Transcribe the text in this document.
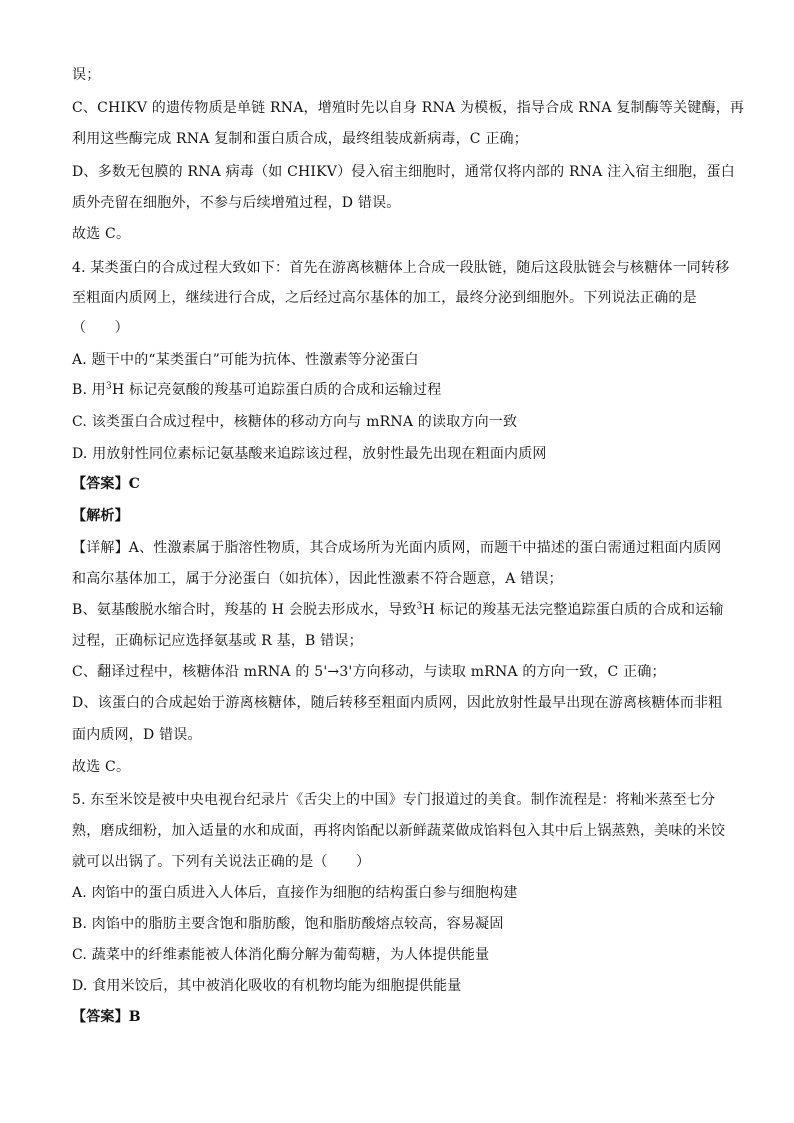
误；
C、CHIKV 的遗传物质是单链 RNA，增殖时先以自身 RNA 为模板，指导合成 RNA 复制酶等关键酶，再
利用这些酶完成 RNA 复制和蛋白质合成，最终组装成新病毒，C 正确；
D、多数无包膜的 RNA 病毒（如 CHIKV）侵入宿主细胞时，通常仅将内部的 RNA 注入宿主细胞，蛋白
质外壳留在细胞外，不参与后续增殖过程，D 错误。
故选 C。
4. 某类蛋白的合成过程大致如下：首先在游离核糖体上合成一段肽链，随后这段肽链会与核糖体一同转移
至粗面内质网上，继续进行合成，之后经过高尔基体的加工，最终分泌到细胞外。下列说法正确的是
（　　）
A. 题干中的“某类蛋白”可能为抗体、性激素等分泌蛋白
B. 用$^3$H 标记亮氨酸的羧基可追踪蛋白质的合成和运输过程
C. 该类蛋白合成过程中，核糖体的移动方向与 mRNA 的读取方向一致
D. 用放射性同位素标记氨基酸来追踪该过程，放射性最先出现在粗面内质网
【答案】C
【解析】
【详解】A、性激素属于脂溶性物质，其合成场所为光面内质网，而题干中描述的蛋白需通过粗面内质网
和高尔基体加工，属于分泌蛋白（如抗体），因此性激素不符合题意，A 错误；
B、氨基酸脱水缩合时，羧基的 H 会脱去形成水，导致$^3$H 标记的羧基无法完整追踪蛋白质的合成和运输
过程，正确标记应选择氨基或 R 基，B 错误；
C、翻译过程中，核糖体沿 mRNA 的 5'→3'方向移动，与读取 mRNA 的方向一致，C 正确；
D、该蛋白的合成起始于游离核糖体，随后转移至粗面内质网，因此放射性最早出现在游离核糖体而非粗
面内质网，D 错误。
故选 C。
5. 东至米饺是被中央电视台纪录片《舌尖上的中国》专门报道过的美食。制作流程是：将籼米蒸至七分
熟，磨成细粉，加入适量的水和成面，再将肉馅配以新鲜蔬菜做成馅料包入其中后上锅蒸熟，美味的米饺
就可以出锅了。下列有关说法正确的是（　　）
A. 肉馅中的蛋白质进入人体后，直接作为细胞的结构蛋白参与细胞构建
B. 肉馅中的脂肪主要含饱和脂肪酸，饱和脂肪酸熔点较高，容易凝固
C. 蔬菜中的纤维素能被人体消化酶分解为葡萄糖，为人体提供能量
D. 食用米饺后，其中被消化吸收的有机物均能为细胞提供能量
【答案】B
